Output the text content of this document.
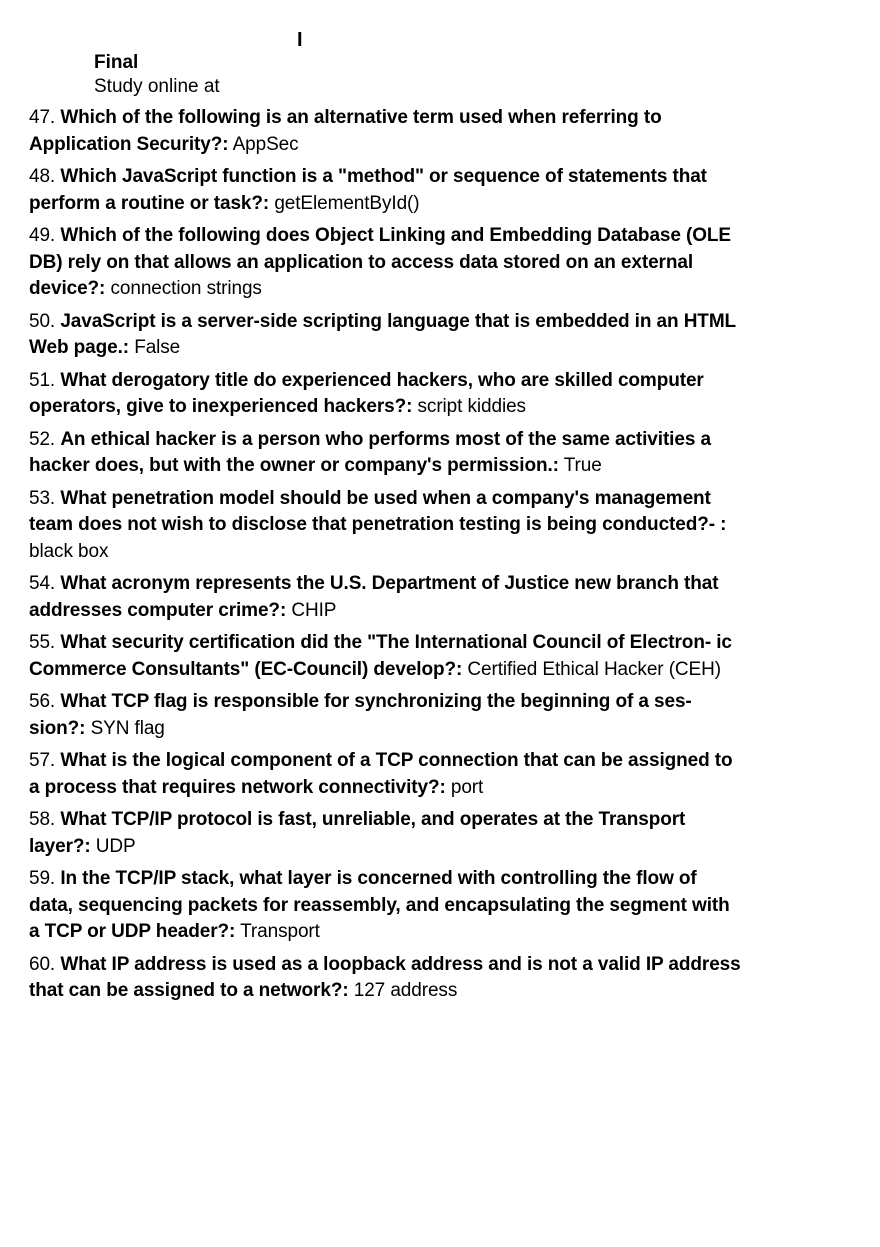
I
Final
Study online at
47. Which of the following is an alternative term used when referring to Application Security?: AppSec
48. Which JavaScript function is a "method" or sequence of statements that perform a routine or task?: getElementById()
49. Which of the following does Object Linking and Embedding Database (OLE DB) rely on that allows an application to access data stored on an external device?: connection strings
50. JavaScript is a server-side scripting language that is embedded in an HTML Web page.: False
51. What derogatory title do experienced hackers, who are skilled computer operators, give to inexperienced hackers?: script kiddies
52. An ethical hacker is a person who performs most of the same activities a hacker does, but with the owner or company's permission.: True
53. What penetration model should be used when a company's management team does not wish to disclose that penetration testing is being conducted?- : black box
54. What acronym represents the U.S. Department of Justice new branch that addresses computer crime?: CHIP
55. What security certification did the "The International Council of Electron- ic Commerce Consultants" (EC-Council) develop?: Certified Ethical Hacker (CEH)
56. What TCP flag is responsible for synchronizing the beginning of a ses- sion?: SYN flag
57. What is the logical component of a TCP connection that can be assigned to a process that requires network connectivity?: port
58. What TCP/IP protocol is fast, unreliable, and operates at the Transport layer?: UDP
59. In the TCP/IP stack, what layer is concerned with controlling the flow of data, sequencing packets for reassembly, and encapsulating the segment with a TCP or UDP header?: Transport
60. What IP address is used as a loopback address and is not a valid IP address that can be assigned to a network?: 127 address
